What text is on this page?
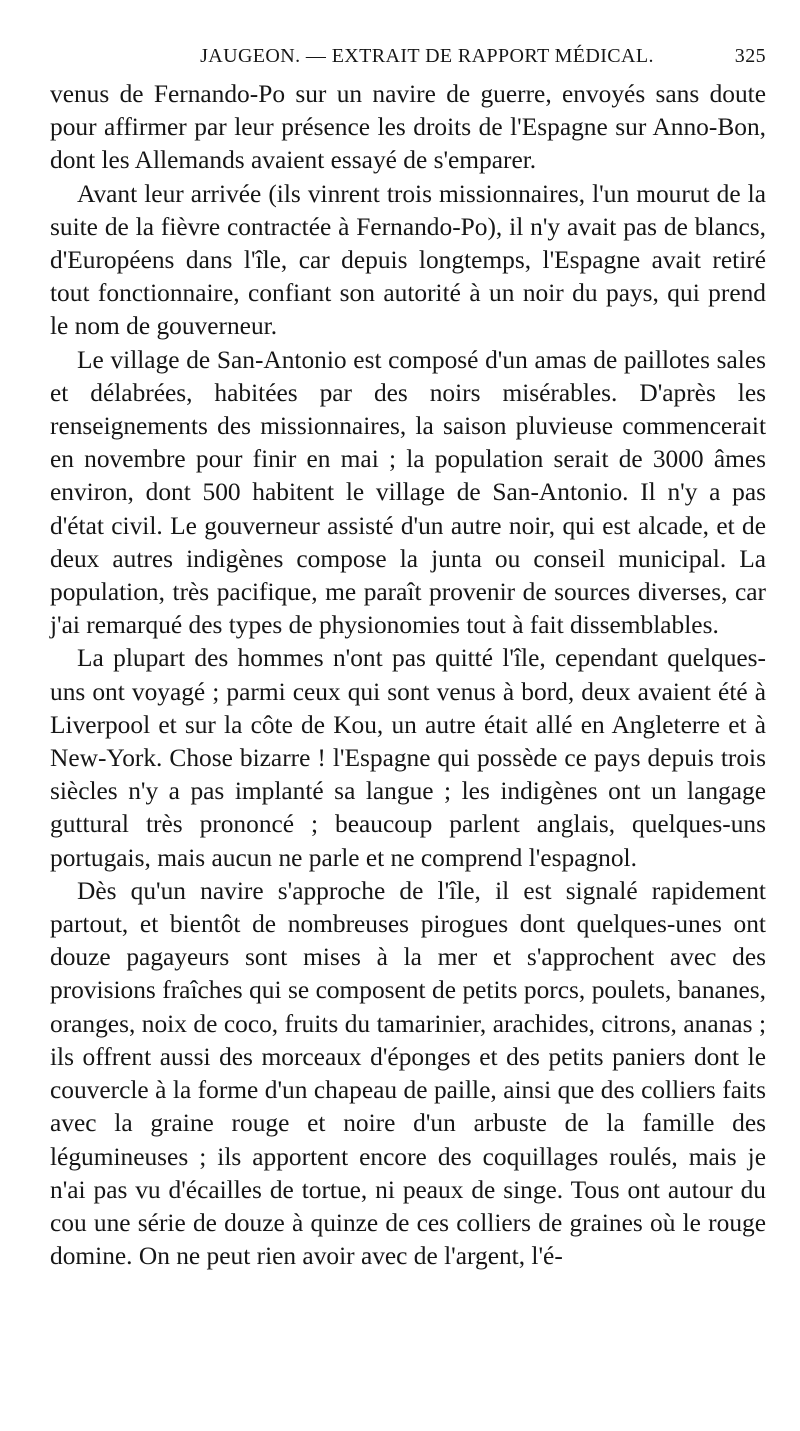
JAUGEON. — EXTRAIT DE RAPPORT MÉDICAL.	325

venus de Fernando-Po sur un navire de guerre, envoyés sans doute pour affirmer par leur présence les droits de l'Espagne sur Anno-Bon, dont les Allemands avaient essayé de s'emparer.

Avant leur arrivée (ils vinrent trois missionnaires, l'un mourut de la suite de la fièvre contractée à Fernando-Po), il n'y avait pas de blancs, d'Européens dans l'île, car depuis longtemps, l'Espagne avait retiré tout fonctionnaire, confiant son autorité à un noir du pays, qui prend le nom de gouverneur.

Le village de San-Antonio est composé d'un amas de paillotes sales et délabrées, habitées par des noirs misérables. D'après les renseignements des missionnaires, la saison pluvieuse commencerait en novembre pour finir en mai ; la population serait de 3000 âmes environ, dont 500 habitent le village de San-Antonio. Il n'y a pas d'état civil. Le gouverneur assisté d'un autre noir, qui est alcade, et de deux autres indigènes compose la junta ou conseil municipal. La population, très pacifique, me paraît provenir de sources diverses, car j'ai remarqué des types de physionomies tout à fait dissemblables.

La plupart des hommes n'ont pas quitté l'île, cependant quelques-uns ont voyagé ; parmi ceux qui sont venus à bord, deux avaient été à Liverpool et sur la côte de Kou, un autre était allé en Angleterre et à New-York. Chose bizarre ! l'Espagne qui possède ce pays depuis trois siècles n'y a pas implanté sa langue ; les indigènes ont un langage guttural très prononcé ; beaucoup parlent anglais, quelques-uns portugais, mais aucun ne parle et ne comprend l'espagnol.

Dès qu'un navire s'approche de l'île, il est signalé rapidement partout, et bientôt de nombreuses pirogues dont quelques-unes ont douze pagayeurs sont mises à la mer et s'approchent avec des provisions fraîches qui se composent de petits porcs, poulets, bananes, oranges, noix de coco, fruits du tamarinier, arachides, citrons, ananas ; ils offrent aussi des morceaux d'éponges et des petits paniers dont le couvercle à la forme d'un chapeau de paille, ainsi que des colliers faits avec la graine rouge et noire d'un arbuste de la famille des légumineuses ; ils apportent encore des coquillages roulés, mais je n'ai pas vu d'écailles de tortue, ni peaux de singe. Tous ont autour du cou une série de douze à quinze de ces colliers de graines où le rouge domine. On ne peut rien avoir avec de l'argent, l'é-
